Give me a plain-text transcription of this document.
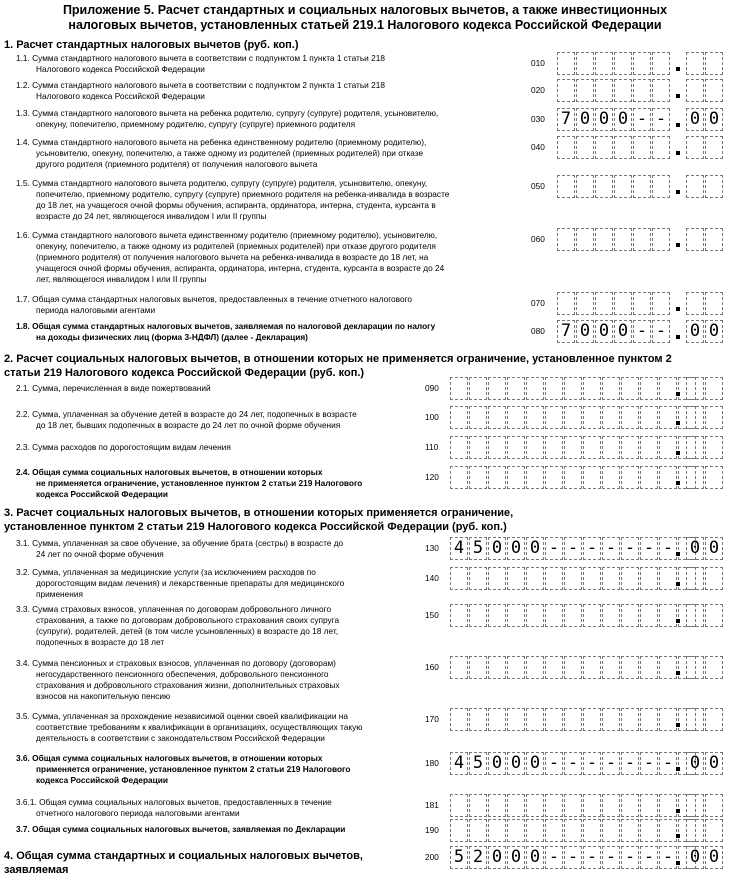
Приложение 5. Расчет стандартных и социальных налоговых вычетов, а также инвестиционных
налоговых вычетов, установленных статьей 219.1 Налогового кодекса Российской Федерации
1. Расчет стандартных налоговых вычетов (руб. коп.)
2. Расчет социальных налоговых вычетов, в отношении которых не применяется ограничение, установленное пунктом 2
статьи 219 Налогового кодекса Российской Федерации (руб. коп.)
3. Расчет социальных налоговых вычетов, в отношении которых применяется ограничение,
установленное пунктом 2 статьи 219 Налогового кодекса Российской Федерации (руб. коп.)
4. Общая сумма стандартных и социальных налоговых вычетов,
заявляемая
1.1. Сумма стандартного налогового вычета в соответствии с подпунктом 1 пункта 1 статьи 218
Налогового кодекса Российской Федерации
010
1.2. Сумма стандартного налогового вычета в соответствии с подпунктом 2 пункта 1 статьи 218
Налогового кодекса Российской Федерации
020
1.3. Сумма стандартного налогового вычета на ребенка родителю, супругу (супруге) родителя, усыновителю,
опекуну, попечителю, приемному родителю, супругу (супруге) приемного родителя	030 7 0 0 0 - - 0 0
1.4. Сумма стандартного налогового вычета на ребенка единственному родителю (приемному родителю),
усыновителю, опекуну, попечителю, а также одному из родителей (приемных родителей) при отказе
другого родителя (приемного родителя) от получения налогового вычета
040
1.5. Сумма стандартного налогового вычета родителю, супругу (супруге) родителя, усыновителю, опекуну,
попечителю, приемному родителю, супругу (супруге) приемного родителя на ребенка-инвалида в возрасте
до 18 лет, на учащегося очной формы обучения, аспиранта, ординатора, интерна, студента, курсанта в
возрасте до 24 лет, являющегося инвалидом I или II группы
050
1.6. Сумма стандартного налогового вычета единственному родителю (приемному родителю), усыновителю,
опекуну, попечителю, а также одному из родителей (приемных родителей) при отказе другого родителя
(приемного родителя) от получения налогового вычета на ребенка-инвалида в возрасте до 18 лет, на
учащегося очной формы обучения, аспиранта, ординатора, интерна, студента, курсанта в возрасте до 24
лет, являющегося инвалидом I или II группы
060
1.7. Общая сумма стандартных налоговых вычетов, предоставленных в течение отчетного налогового
периода налоговыми агентами
070
1.8. Общая сумма стандартных налоговых вычетов, заявляемая по налоговой декларации по налогу
на доходы физических лиц (форма 3-НДФЛ) (далее - Декларация)
080 7 0 0 0 - - 0 0
2.1. Сумма, перечисленная в виде пожертвований	090
2.2. Сумма, уплаченная за обучение детей в возрасте до 24 лет, подопечных в возрасте
до 18 лет, бывших подопечных в возрасте до 24 лет по очной форме обучения
100
2.3. Сумма расходов по дорогостоящим видам лечения	110
2.4. Общая сумма социальных налоговых вычетов, в отношении которых
не применяется ограничение, установленное пунктом 2 статьи 219 Налогового
кодекса Российской Федерации
120
3.1. Сумма, уплаченная за свое обучение, за обучение брата (сестры) в возрасте до
24 лет по очной форме обучения
130 4 5 0 0 0 - - - - - - - 0 0
3.2. Сумма, уплаченная за медицинские услуги (за исключением расходов по
дорогостоящим видам лечения) и лекарственные препараты для медицинского
применения
140
3.3. Сумма страховых взносов, уплаченная по договорам добровольного личного
страхования, а также по договорам добровольного страхования своих супруга
(супруги), родителей, детей (в том числе усыновленных) в возрасте до 18 лет,
подопечных в возрасте до 18 лет
150
3.4. Сумма пенсионных и страховых взносов, уплаченная по договору (договорам)
негосударственного пенсионного обеспечения, добровольного пенсионного
страхования и добровольного страхования жизни, дополнительных страховых
взносов на накопительную пенсию
160
3.5. Сумма, уплаченная за прохождение независимой оценки своей квалификации на
соответствие требованиям к квалификации в организациях, осуществляющих такую
деятельность в соответствии с законодательством Российской Федерации
170
3.6. Общая сумма социальных налоговых вычетов, в отношении которых
применяется ограничение, установленное пунктом 2 статьи 219 Налогового
кодекса Российской Федерации
180 4 5 0 0 0 - - - - - - - 0 0
3.6.1. Общая сумма социальных налоговых вычетов, предоставленных в течение
отчетного налогового периода налоговыми агентами
181
3.7. Общая сумма социальных налоговых вычетов, заявляемая по Декларации	190
200 5 2 0 0 0 - - - - - - - 0 0
